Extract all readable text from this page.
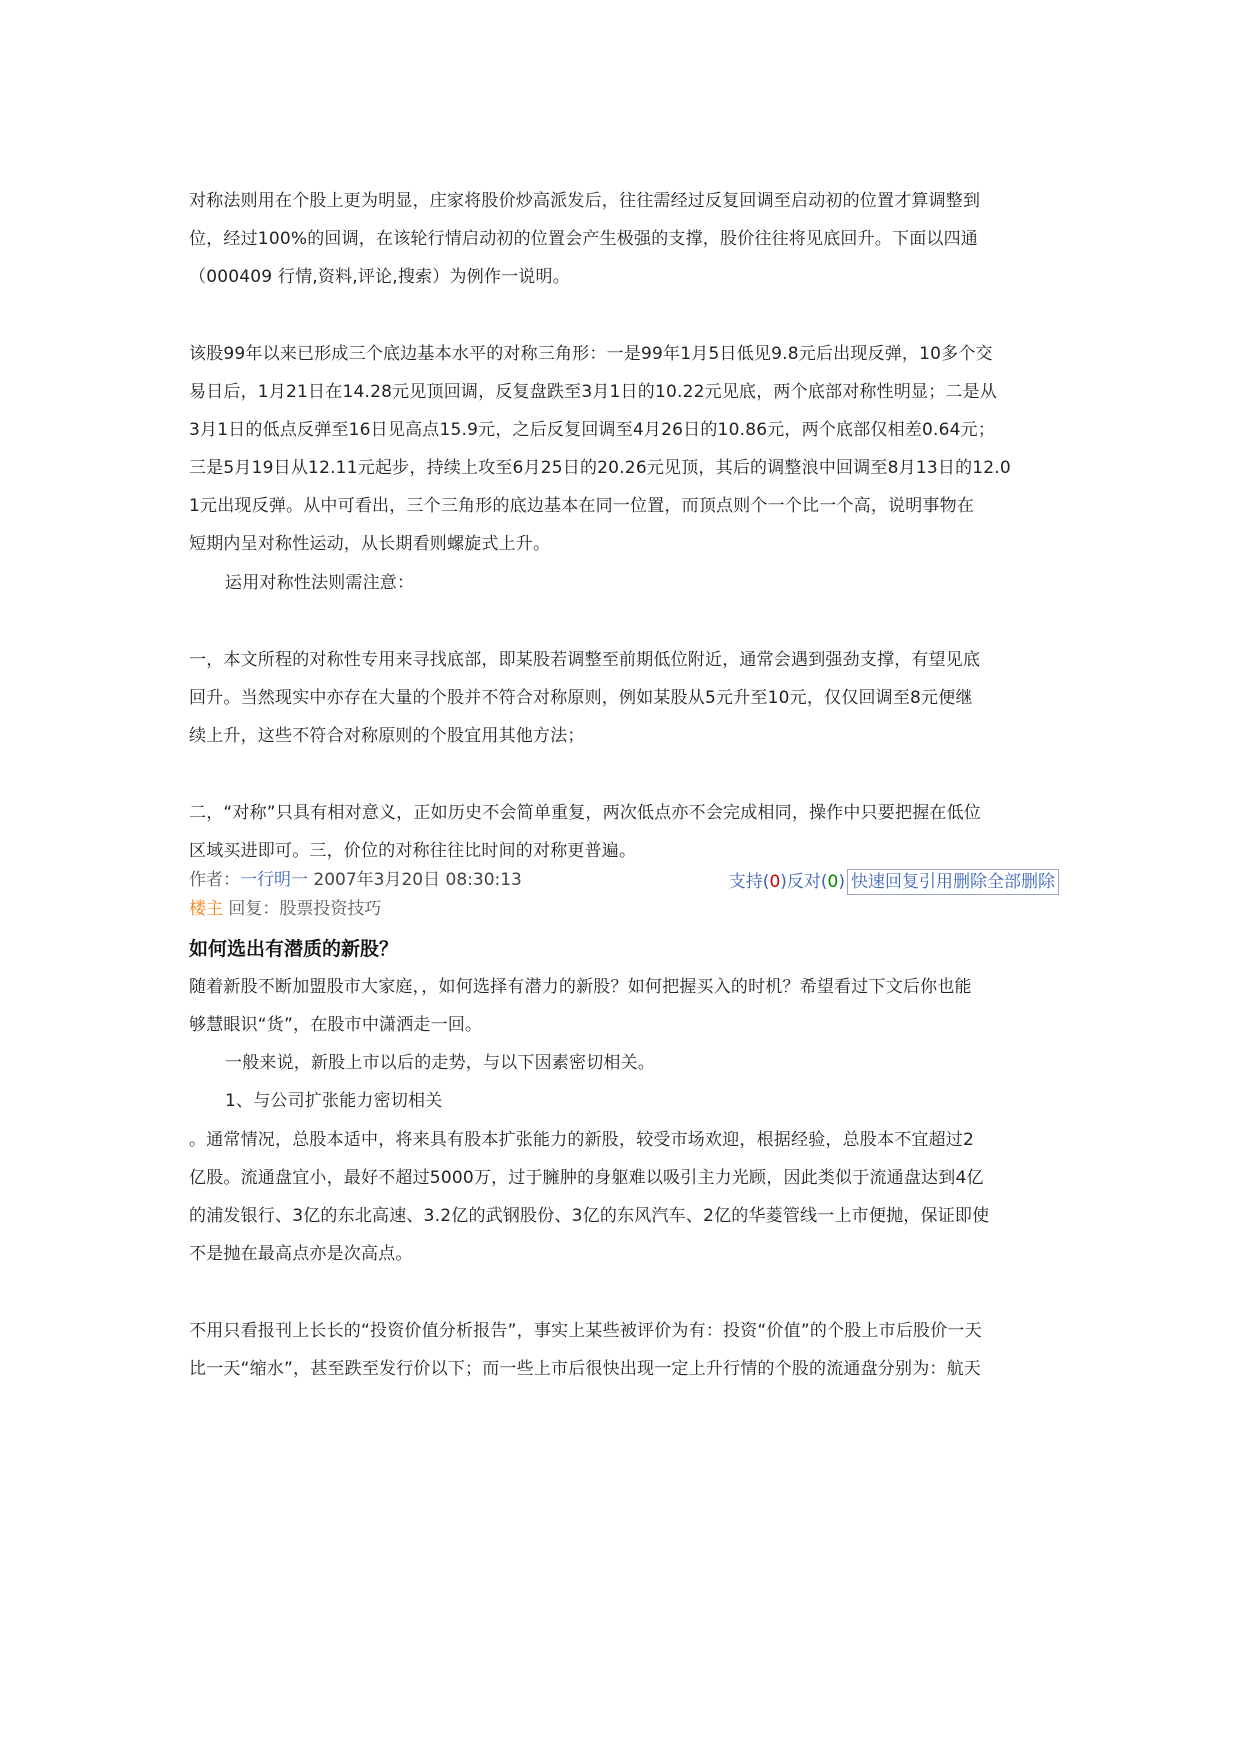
对称法则用在个股上更为明显，庄家将股价炒高派发后，往往需经过反复回调至启动初的位置才算调整到
位，经过100%的回调，在该轮行情启动初的位置会产生极强的支撑，股价往往将见底回升。下面以四通
（000409 行情,资料,评论,搜索）为例作一说明。
该股99年以来已形成三个底边基本水平的对称三角形：一是99年1月5日低见9.8元后出现反弹，10多个交
易日后，1月21日在14.28元见顶回调，反复盘跌至3月1日的10.22元见底，两个底部对称性明显；二是从
3月1日的低点反弹至16日见高点15.9元，之后反复回调至4月26日的10.86元，两个底部仅相差0.64元；
三是5月19日从12.11元起步，持续上攻至6月25日的20.26元见顶，其后的调整浪中回调至8月13日的12.0
1元出现反弹。从中可看出，三个三角形的底边基本在同一位置，而顶点则个一个比一个高，说明事物在
短期内呈对称性运动，从长期看则螺旋式上升。
运用对称性法则需注意：
一，本文所程的对称性专用来寻找底部，即某股若调整至前期低位附近，通常会遇到强劲支撑，有望见底
回升。当然现实中亦存在大量的个股并不符合对称原则，例如某股从5元升至10元，仅仅回调至8元便继
续上升，这些不符合对称原则的个股宜用其他方法；
二，“对称”只具有相对意义，正如历史不会简单重复，两次低点亦不会完成相同，操作中只要把握在低位
区域买进即可。三，价位的对称往往比时间的对称更普遍。
作者：一行明一 2007年3月20日 08:30:13	支持(0)反对(0) 快速回复引用删除全部删除
楼主 回复：股票投资技巧
如何选出有潜质的新股？
随着新股不断加盟股市大家庭，，如何选择有潜力的新股？如何把握买入的时机？希望看过下文后你也能
够慧眼识“货”，在股市中潇洒走一回。
一般来说，新股上市以后的走势，与以下因素密切相关。
1、与公司扩张能力密切相关
。通常情况，总股本适中，将来具有股本扩张能力的新股，较受市场欢迎，根据经验，总股本不宜超过2
亿股。流通盘宜小，最好不超过5000万，过于臃肿的身躯难以吸引主力光顾，因此类似于流通盘达到4亿
的浦发银行、3亿的东北高速、3.2亿的武钢股份、3亿的东风汽车、2亿的华菱管线一上市便抛，保证即使
不是抛在最高点亦是次高点。
不用只看报刊上长长的“投资价值分析报告”，事实上某些被评价为有：投资“价值”的个股上市后股价一天
比一天“缩水”，甚至跌至发行价以下；而一些上市后很快出现一定上升行情的个股的流通盘分别为：航天
